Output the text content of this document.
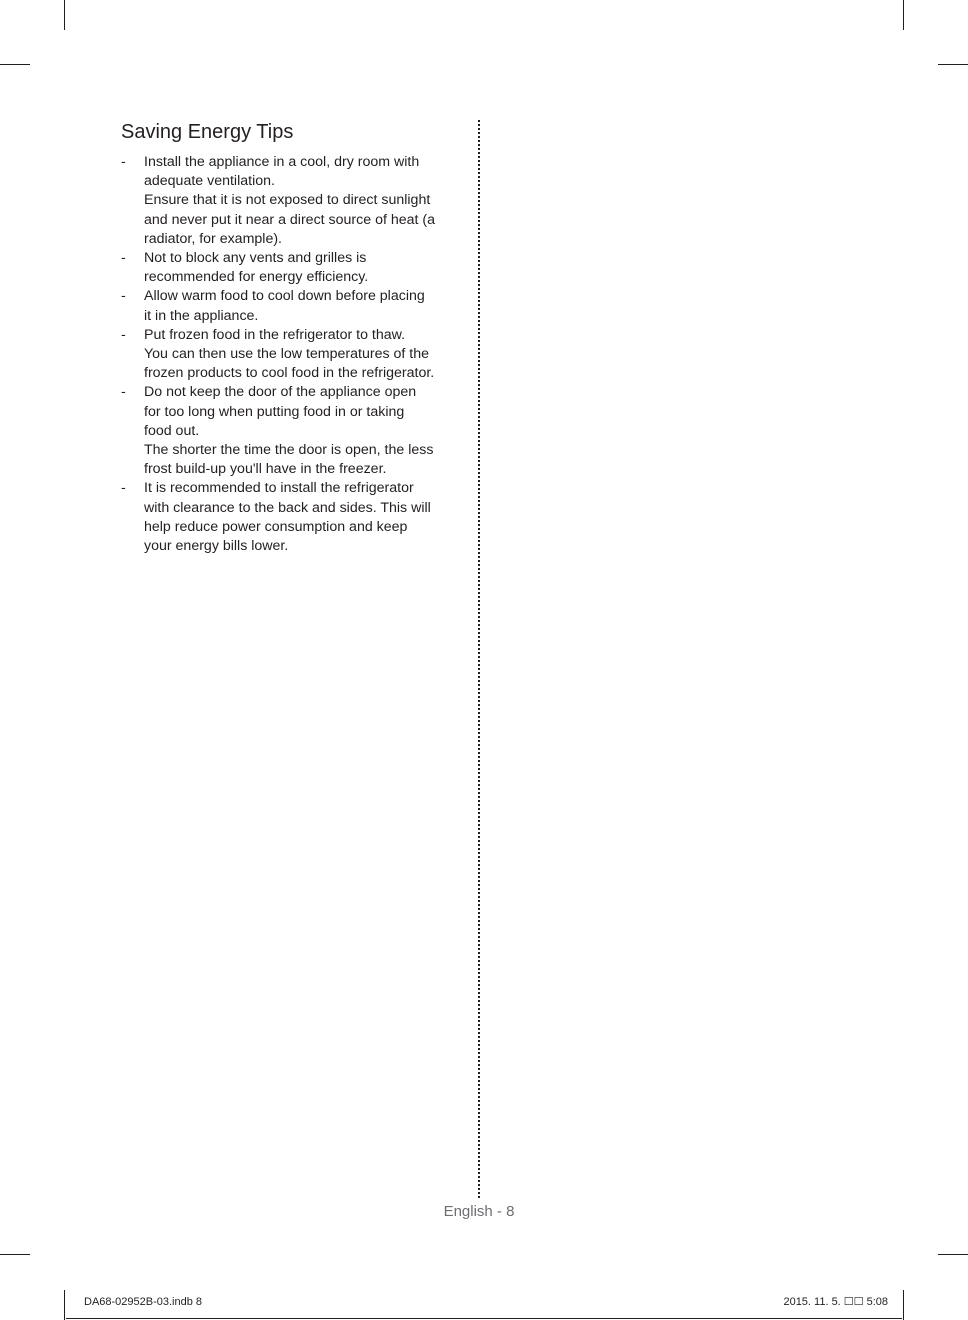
Saving Energy Tips
- Install the appliance in a cool, dry room with
adequate ventilation.
Ensure that it is not exposed to direct sunlight
and never put it near a direct source of heat (a
radiator, for example).
- Not to block any vents and grilles is
recommended for energy efficiency.
- Allow warm food to cool down before placing
it in the appliance.
- Put frozen food in the refrigerator to thaw.
You can then use the low temperatures of the
frozen products to cool food in the refrigerator.
- Do not keep the door of the appliance open
for too long when putting food in or taking
food out.
The shorter the time the door is open, the less
frost build-up you'll have in the freezer.
- It is recommended to install the refrigerator
with clearance to the back and sides. This will
help reduce power consumption and keep
your energy bills lower.
English - 8
DA68-02952B-03.indb 8	2015. 11. 5. ☐☐ 5:08
